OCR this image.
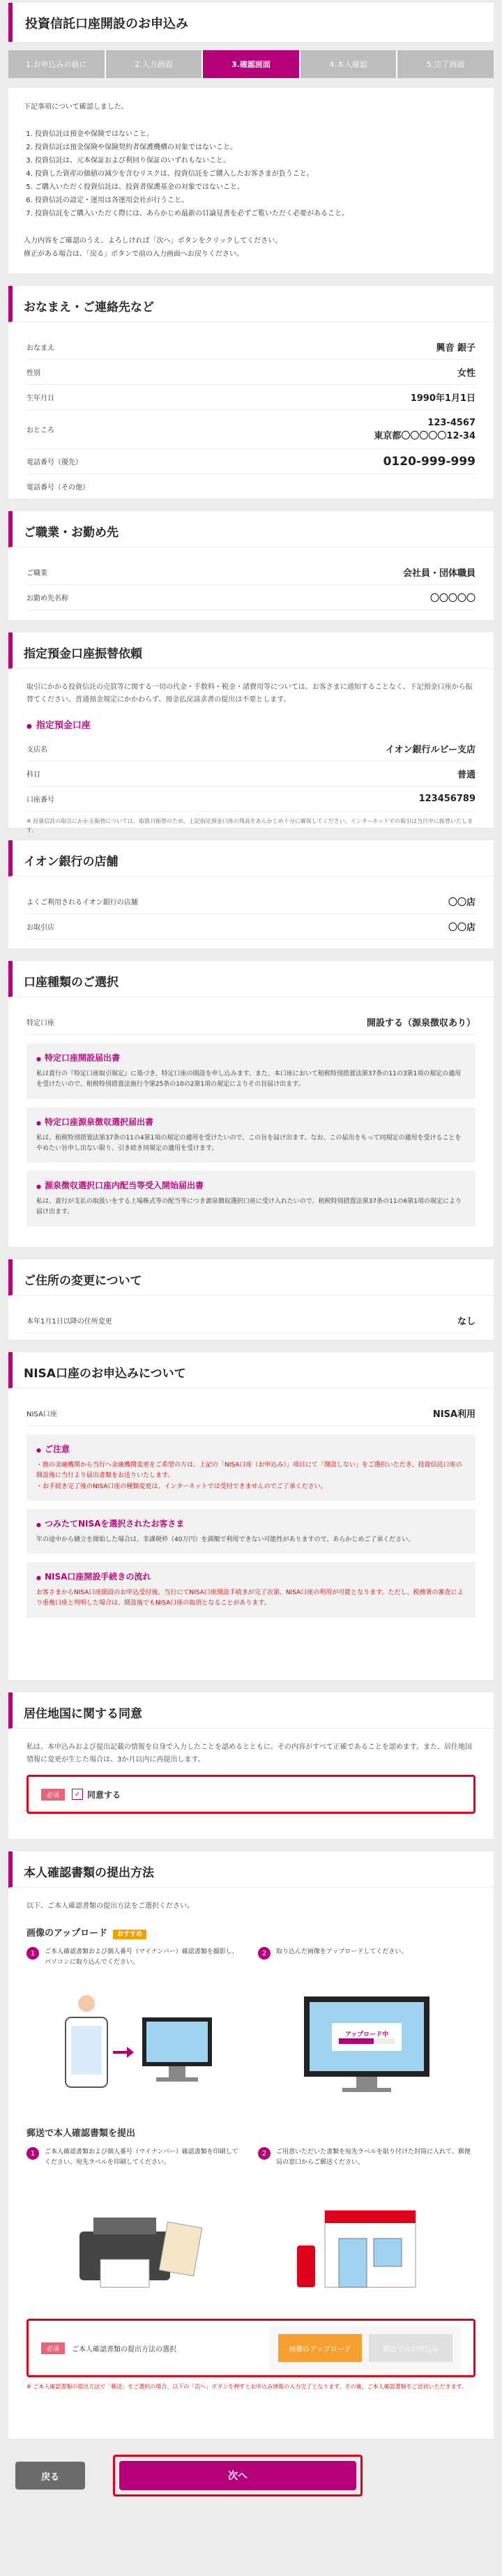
投資信託口座開設のお申込み
1.お申込みの前に	2.入力画面	3.確認画面	4.本人確認	5.完了画面

下記事項について確認しました。

1. 投資信託は預金や保険ではないこと。
2. 投資信託は預金保険や保険契約者保護機構の対象ではないこと。
3. 投資信託は、元本保証および利回り保証のいずれもないこと。
4. 投資した資産の価値の減少を含むリスクは、投資信託をご購入したお客さまが負うこと。
5. ご購入いただく投資信託は、投資者保護基金の対象ではないこと。
6. 投資信託の設定・運用は各運用会社が行うこと。
7. 投資信託をご購入いただく際には、あらかじめ最新の目論見書を必ずご覧いただく必要があること。

入力内容をご確認のうえ、よろしければ「次へ」ボタンをクリックしてください。

修正がある場合は、「戻る」ボタンで前の入力画面へお戻りください。

おなまえ・ご連絡先など
おなまえ	興音 銀子
性別	女性
生年月日	1990年1月1日
おところ
123-4567
東京都〇〇〇〇〇12-34
電話番号（優先）	0120-999-999
電話番号（その他）
ご職業・お勤め先
ご職業	会社員・団体職員
お勤め先名称	〇〇〇〇〇
指定預金口座振替依頼

取引にかかる投資信託の売買等に関する一切の代金・手数料・税金・諸費用等については、お客さまに通知することなく、下記預金口座から振替てください。普通預金規定にかかわらず、預金払戻請求書の提出は不要とします。

● 指定預金口座
支店名	イオン銀行ルビー支店
科目	普通
口座番号	123456789

※ 投資信託の取引にかかる振替については、取扱日振替のため、上記指定預金口座の残高をあらかじめ十分に確保してください。インターネットでの取引は当日中に振替いたします。

イオン銀行の店舗
よくご利用されるイオン銀行の店舗	〇〇店
お取引店	〇〇店
口座種類のご選択
特定口座	開設する（源泉徴収あり）
● 特定口座開設届出書

私は貴行の『特定口座取引規定』に基づき、特定口座の開設を申し込みます。また、本口座において租税特別措置法第37条の11の3第1項の規定の適用を受けたいので、租税特別措置法施行令第25条の10の2第1項の規定によりその旨届け出ます。

● 特定口座源泉徴収選択届出書

私は、租税特別措置法第37条の11の4第1項の規定の適用を受けたいので、この旨を届け出ます。なお、この届出をもって同規定の適用を受けることをやめたい旨申し出ない限り、引き続き同規定の適用を受けます。

● 源泉徴収選択口座内配当等受入開始届出書

私は、貴行が支払の取扱いをする上場株式等の配当等につき源泉徴収選択口座に受け入れたいので、租税特別措置法第37条の11の6第1項の規定により届け出ます。

ご住所の変更について
本年1月1日以降の住所変更	なし
NISA口座のお申込みについて
NISA口座	NISA利用
● ご注意

・他の金融機関から当行へ金融機関変更をご希望の方は、上記の「NISA口座（お申込み）」項目にて「開設しない」をご選択いただき、投資信託口座の開設後に当行より届出書類をお送りいたします。
・お手続き完了後のNISA口座の種類変更は、インターネットでは受付できませんのでご了承ください。

● つみたてNISAを選択されたお客さま

年の途中から積立を開始した場合は、非課税枠（40万円）を満額で利用できない可能性がありますので、あらかじめご了承ください。

● NISA口座開設手続きの流れ

お客さまからNISA口座開設のお申込受付後、当行にてNISA口座開設手続きが完了次第、NISA口座の利用が可能となります。ただし、税務署の審査により重複口座と判明した場合は、開設後でもNISA口座の取消となることがあります。

居住地国に関する同意

私は、本申込みおよび提出記載の情報を自身で入力したことを認めるとともに、その内容がすべて正確であることを認めます。また、居住地国情報に変更が生じた場合は、3か月以内に再提出します。

必須	✓ 同意する
本人確認書類の提出方法

以下、ご本人確認書類の提出方法をご選択ください。

画像のアップロード おすすめ
1	ご本人確認書類および個人番号（マイナンバー）確認書類を撮影し、パソコンに取り込んでください。
2	取り込んだ画像をアップロードしてください。
アップロード中
郵送で本人確認書類を提出
1	ご本人確認書類および個人番号（マイナンバー）確認書類を印刷してください。宛先ラベルを印刷してください。
2	ご用意いただいた書類を宛先ラベルを貼り付けた封筒に入れて、郵便局の窓口からご郵送ください。
必須	ご本人確認書類の提出方法の選択	画像のアップロード	郵送でのお申込み

※ ご本人確認書類の提出方法で「郵送」をご選択の場合、以下の「次へ」ボタンを押すとお申込み情報の入力完了となります。その後、ご本人確認書類をご送付いただきます。

戻る	次へ
